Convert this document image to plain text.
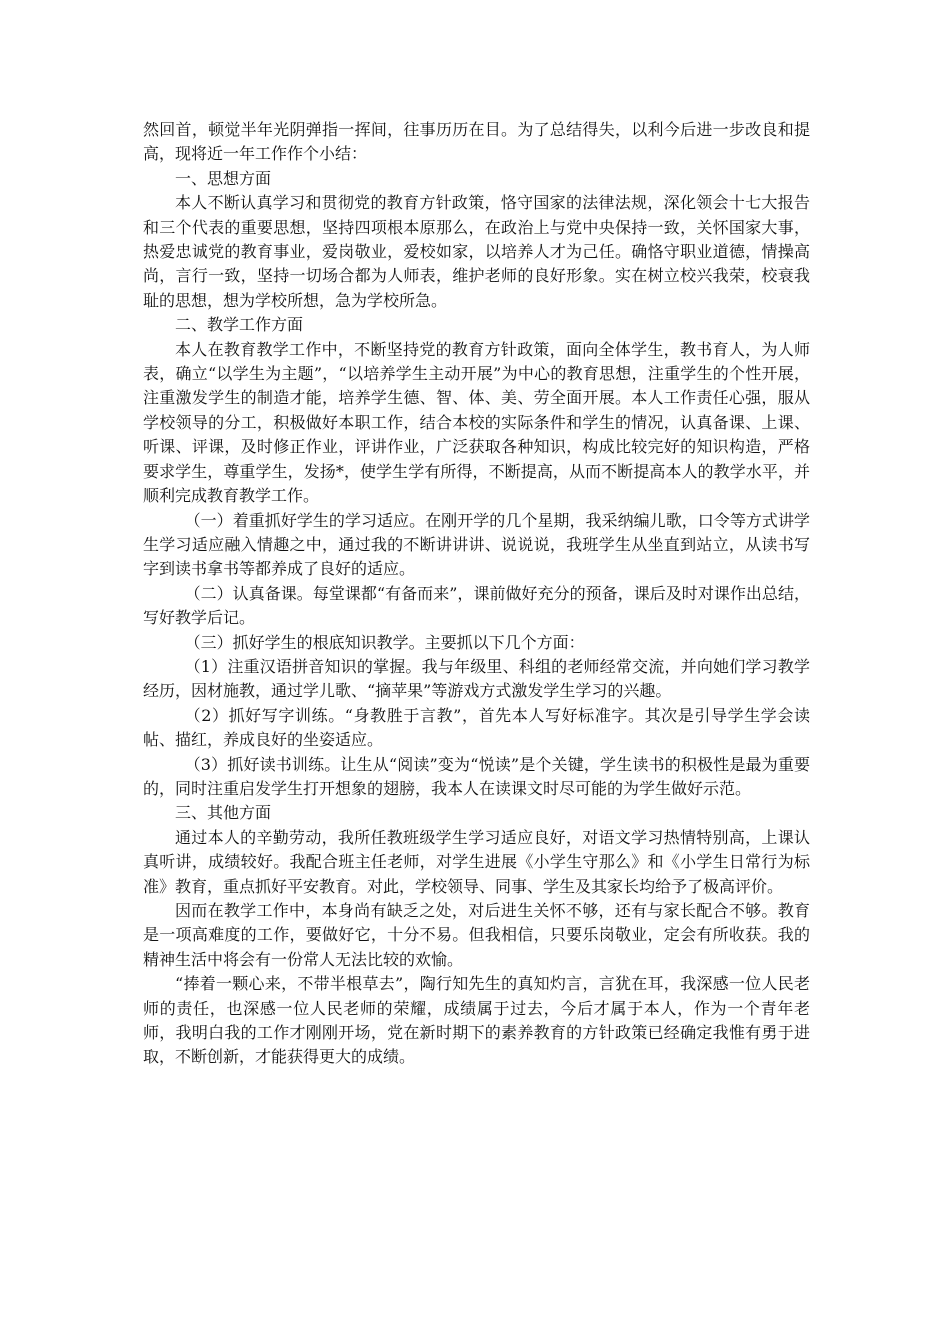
然回首，顿觉半年光阴弹指一挥间，往事历历在目。为了总结得失，以利今后进一步改良和提高，现将近一年工作作个小结：

一、思想方面

本人不断认真学习和贯彻党的教育方针政策，恪守国家的法律法规，深化领会十七大报告和三个代表的重要思想，坚持四项根本原那么，在政治上与党中央保持一致，关怀国家大事，热爱忠诚党的教育事业，爱岗敬业，爱校如家，以培养人才为己任。确恪守职业道德，情操高尚，言行一致，坚持一切场合都为人师表，维护老师的良好形象。实在树立校兴我荣，校衰我耻的思想，想为学校所想，急为学校所急。

二、教学工作方面

本人在教育教学工作中，不断坚持党的教育方针政策，面向全体学生，教书育人，为人师表，确立“以学生为主题”，“以培养学生主动开展”为中心的教育思想，注重学生的个性开展，注重激发学生的制造才能，培养学生德、智、体、美、劳全面开展。本人工作责任心强，服从学校领导的分工，积极做好本职工作，结合本校的实际条件和学生的情况，认真备课、上课、听课、评课，及时修正作业，评讲作业，广泛获取各种知识，构成比较完好的知识构造，严格要求学生，尊重学生，发扬*，使学生学有所得，不断提高，从而不断提高本人的教学水平，并顺利完成教育教学工作。

（一）着重抓好学生的学习适应。在刚开学的几个星期，我采纳编儿歌，口令等方式讲学生学习适应融入情趣之中，通过我的不断讲讲讲、说说说，我班学生从坐直到站立，从读书写字到读书拿书等都养成了良好的适应。

（二）认真备课。每堂课都“有备而来”，课前做好充分的预备，课后及时对课作出总结，写好教学后记。

（三）抓好学生的根底知识教学。主要抓以下几个方面：

（1）注重汉语拼音知识的掌握。我与年级里、科组的老师经常交流，并向她们学习教学经历，因材施教，通过学儿歌、“摘苹果”等游戏方式激发学生学习的兴趣。

（2）抓好写字训练。“身教胜于言教”，首先本人写好标准字。其次是引导学生学会读帖、描红，养成良好的坐姿适应。

（3）抓好读书训练。让生从“阅读”变为“悦读”是个关键，学生读书的积极性是最为重要的，同时注重启发学生打开想象的翅膀，我本人在读课文时尽可能的为学生做好示范。

三、其他方面

通过本人的辛勤劳动，我所任教班级学生学习适应良好，对语文学习热情特别高，上课认真听讲，成绩较好。我配合班主任老师，对学生进展《小学生守那么》和《小学生日常行为标准》教育，重点抓好平安教育。对此，学校领导、同事、学生及其家长均给予了极高评价。

因而在教学工作中，本身尚有缺乏之处，对后进生关怀不够，还有与家长配合不够。教育是一项高难度的工作，要做好它，十分不易。但我相信，只要乐岗敬业，定会有所收获。我的精神生活中将会有一份常人无法比较的欢愉。

“捧着一颗心来，不带半根草去”，陶行知先生的真知灼言，言犹在耳，我深感一位人民老师的责任，也深感一位人民老师的荣耀，成绩属于过去，今后才属于本人，作为一个青年老师，我明白我的工作才刚刚开场，党在新时期下的素养教育的方针政策已经确定我惟有勇于进取，不断创新，才能获得更大的成绩。
